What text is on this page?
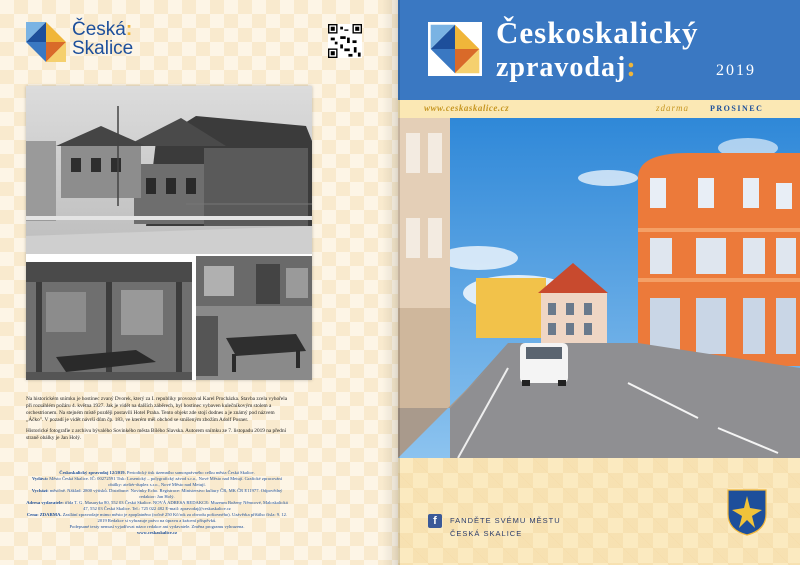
Česká:
Skalice

Na historickém snímku je hostinec zvaný Dvorek, který za I. republiky provozoval Karel Procházka. Stavba zcela vyhořela při rozsáhlém požáru 4. května 1927. Jak je vidět na dalších záběrech, byl hostinec vybaven kulečníkovým stolem a orchestrionem. Na stejném místě později postavili Hotel Praha. Tento objekt zde stojí dodnes a je známý pod názvem „Áčko". V pozadí je vidět návrší dům čp. 183, ve kterém měl obchod se smíšeným zbožím Adolf Posner.

Historické fotografie z archivu bývalého Sovinkého města Bílého Slavska. Autorem snímku ze 7. listopadu 2019 na přední straně obálky je Jan Holý.

Českoskalický zpravodaj 12/2019. Periodický tisk územního samosprávného celku města Česká Skalice.
Vydává: Město Česká Skalice. IČ: 00272591 Tisk: Losenický – polygrafický závod s.r.o., Nové Město nad Metují. Grafické zpracování obálky: ateliér-duplex s.r.o., Nové Město nad Metují.
Vychází: měsíčně. Náklad: 2800 výtisků. Distribuce: Novinky Echo. Registrace: Ministerstvo kultury ČR, MK ČR E11977. Odpovědný redaktor: Jan Holý.
Adresa vydavatele: třída T. G. Masaryka 80, 552 03 Česká Skalice. NOVÁ ADRESA REDAKCE: Muzeum Boženy Němcové, Maloskalická 47, 552 03 Česká Skalice. Tel.: 725 022 482 E-mail: zpravodaj@ceskaskalice.cz
Cena: ZDARMA. Zasílání zpravodaje mimo město je zpoplatněno (ročně 250 Kč/rok za obvodu poštovného). Uzávěrka příštího čísla: 9. 12. 2019 Redakce si vyhrazuje právo na úpravu a krácení příspěvků.
Podepsané texty nemusí vyjadřovat názor redakce ani vydavatele. Změna programu vyhrazena.
www.ceskaskalice.cz
Českoskalický
zpravodaj:	2019
www.ceskaskalice.cz	zdarma	PROSINEC
f	FANDĚTE SVÉMU MĚSTU
ČESKÁ SKALICE
